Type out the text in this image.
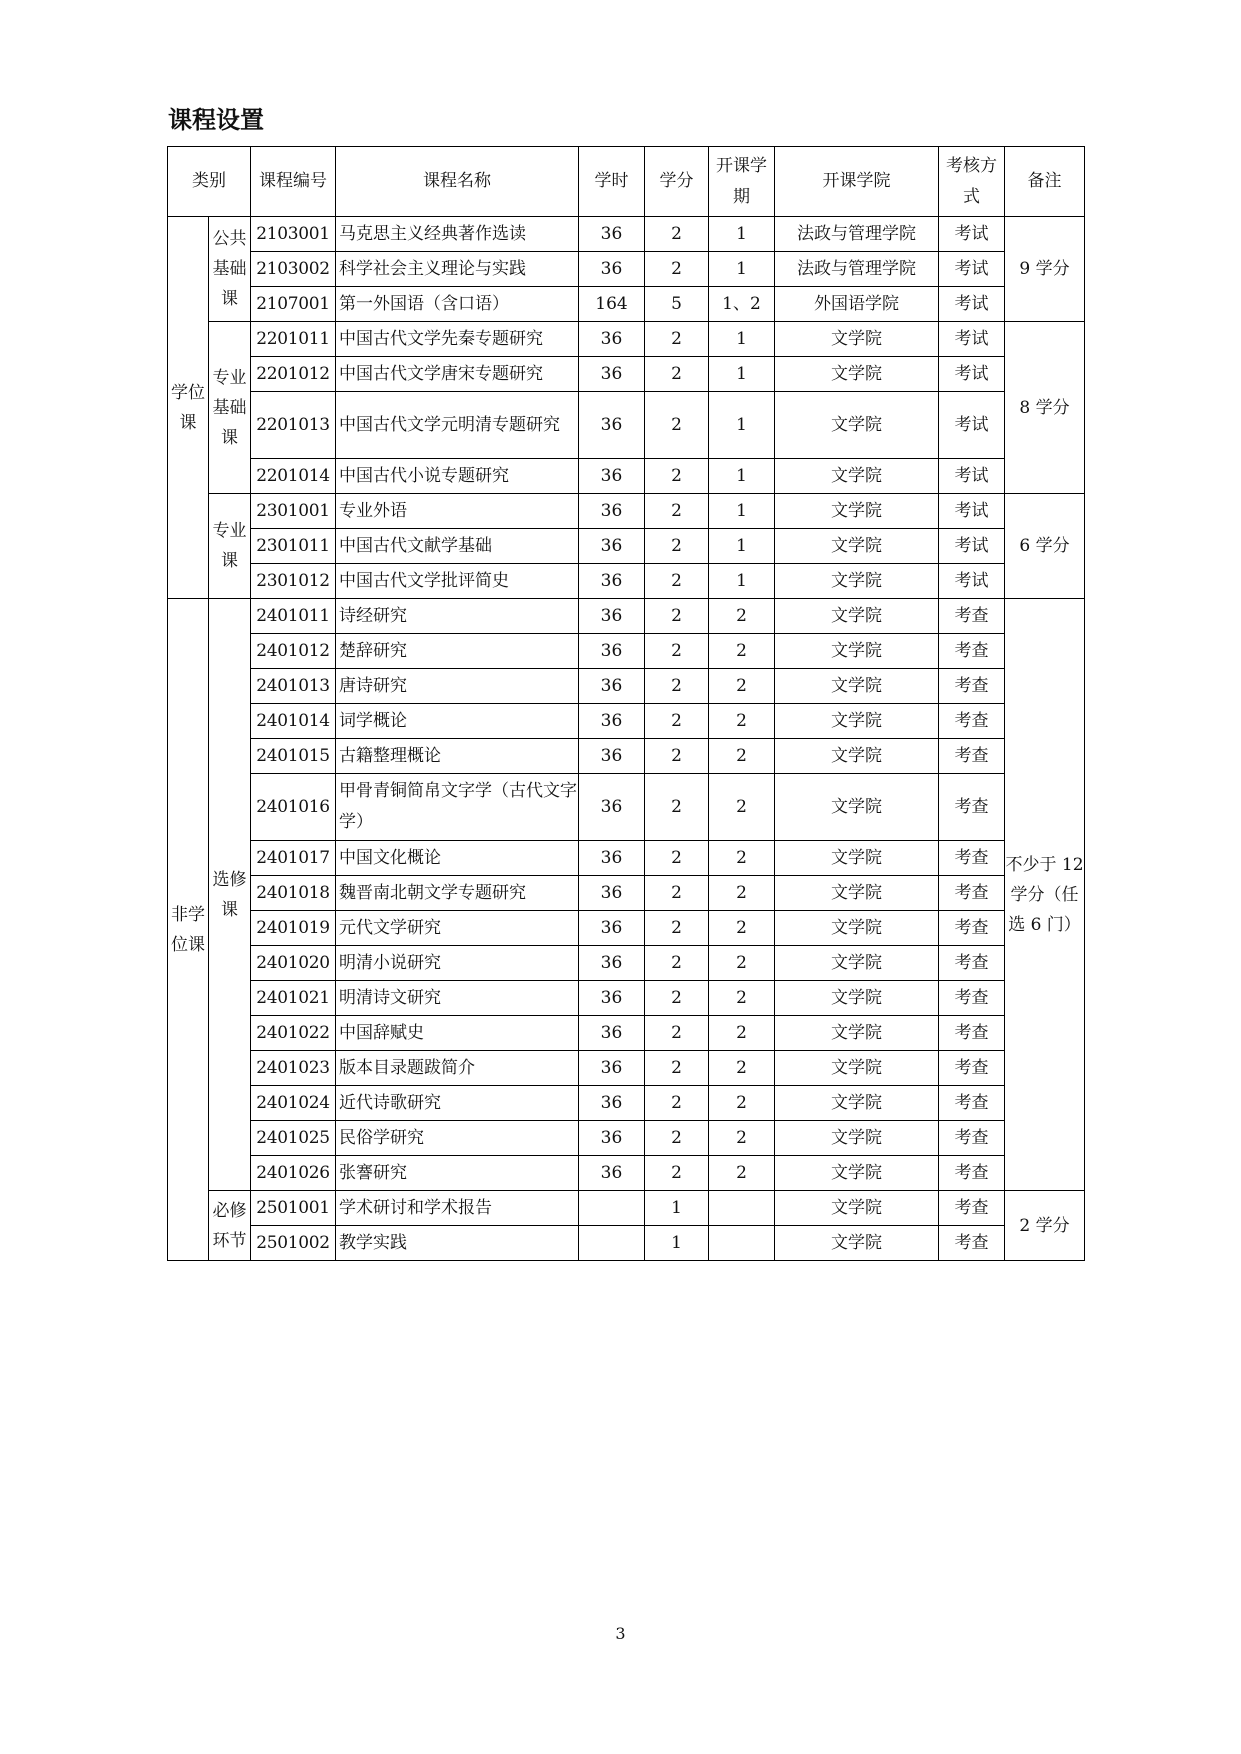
课程设置
类别		课程编号	课程名称	学时	学分	开课学期	开课学院	考核方式	备注
学位课	公共基础课	2103001	马克思主义经典著作选读	36	2	1	法政与管理学院	考试	9 学分
		2103002	科学社会主义理论与实践	36	2	1	法政与管理学院	考试	
		2107001	第一外国语（含口语）	164	5	1、2	外国语学院	考试	
	专业基础课	2201011	中国古代文学先秦专题研究	36	2	1	文学院	考试	8 学分
		2201012	中国古代文学唐宋专题研究	36	2	1	文学院	考试	
		2201013	中国古代文学元明清专题研究	36	2	1	文学院	考试	
		2201014	中国古代小说专题研究	36	2	1	文学院	考试	
	专业课	2301001	专业外语	36	2	1	文学院	考试	6 学分
		2301011	中国古代文献学基础	36	2	1	文学院	考试	
		2301012	中国古代文学批评简史	36	2	1	文学院	考试	
非学位课	选修课	2401011	诗经研究	36	2	2	文学院	考查	不少于 12 学分（任选 6 门）
		2401012	楚辞研究	36	2	2	文学院	考查	
		2401013	唐诗研究	36	2	2	文学院	考查	
		2401014	词学概论	36	2	2	文学院	考查	
		2401015	古籍整理概论	36	2	2	文学院	考查	
		2401016	甲骨青铜简帛文字学（古代文字学）	36	2	2	文学院	考查	
		2401017	中国文化概论	36	2	2	文学院	考查	
		2401018	魏晋南北朝文学专题研究	36	2	2	文学院	考查	
		2401019	元代文学研究	36	2	2	文学院	考查	
		2401020	明清小说研究	36	2	2	文学院	考查	
		2401021	明清诗文研究	36	2	2	文学院	考查	
		2401022	中国辞赋史	36	2	2	文学院	考查	
		2401023	版本目录题跋简介	36	2	2	文学院	考查	
		2401024	近代诗歌研究	36	2	2	文学院	考查	
		2401025	民俗学研究	36	2	2	文学院	考查	
		2401026	张謇研究	36	2	2	文学院	考查	
	必修环节	2501001	学术研讨和学术报告		1		文学院	考查	2 学分
		2501002	教学实践		1		文学院	考查	
3
